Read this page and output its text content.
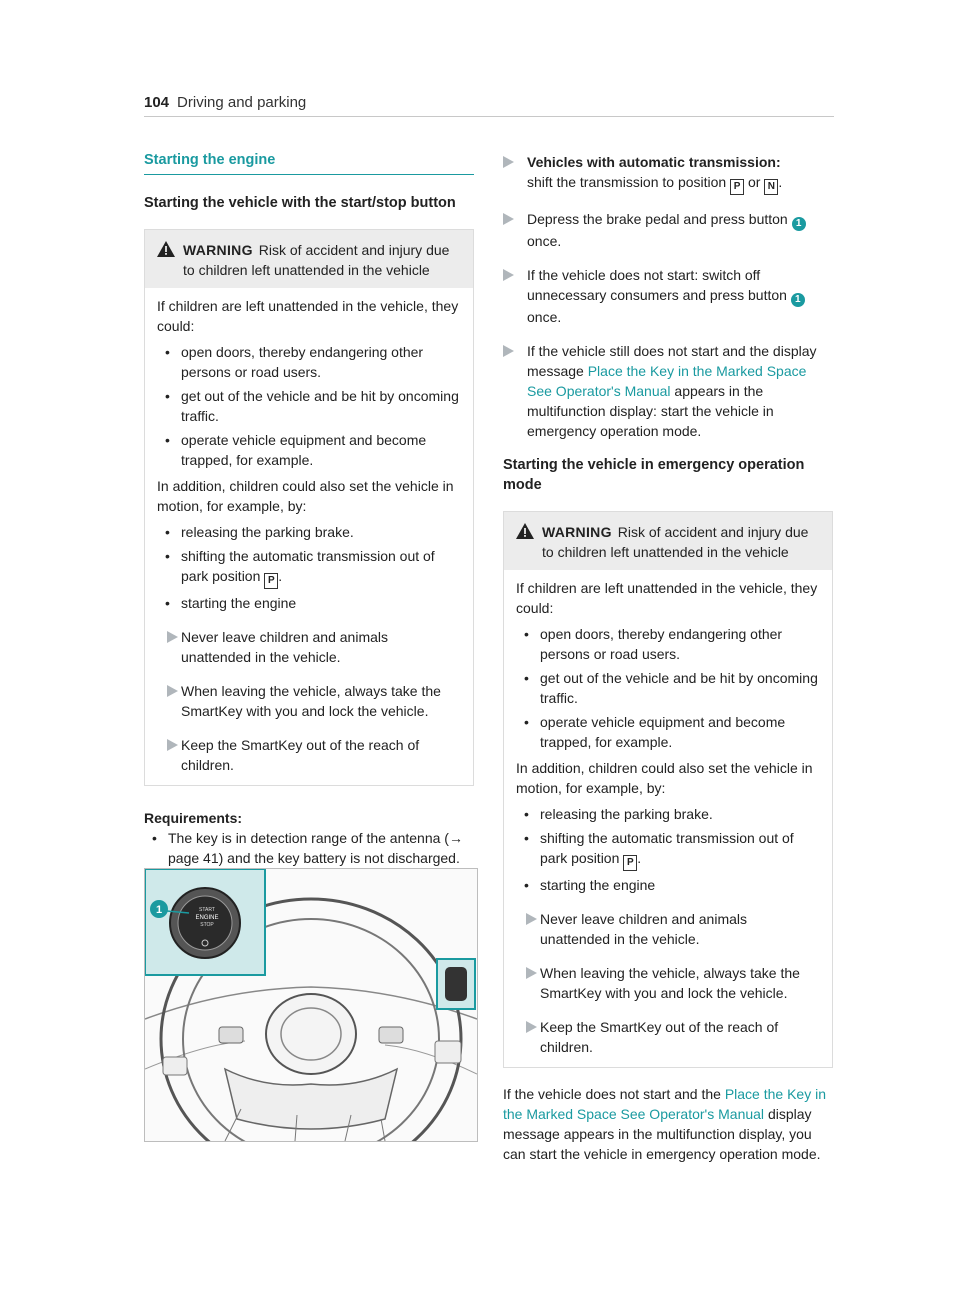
104 Driving and parking
Starting the engine
Starting the vehicle with the start/stop button
WARNING Risk of accident and injury due to children left unattended in the vehicle

If children are left unattended in the vehicle, they could:

• open doors, thereby endangering other persons or road users.
• get out of the vehicle and be hit by oncoming traffic.
• operate vehicle equipment and become trapped, for example.

In addition, children could also set the vehicle in motion, for example, by:

• releasing the parking brake.
• shifting the automatic transmission out of park position P .
• starting the engine
Never leave children and animals unattended in the vehicle.
When leaving the vehicle, always take the SmartKey with you and lock the vehicle.
Keep the SmartKey out of the reach of children.
Requirements:
• The key is in detection range of the antenna (→ page 41) and the key battery is not discharged.
START
ENGINE
STOP
1
Vehicles with automatic transmission:
shift the transmission to position P or N .
Depress the brake pedal and press button 1
once.
If the vehicle does not start: switch off unnecessary consumers and press button 1 once.
If the vehicle still does not start and the display message Place the Key in the Marked Space See Operator's Manual appears in the multifunction display: start the vehicle in emergency operation mode.
Starting the vehicle in emergency operation mode
WARNING Risk of accident and injury due to children left unattended in the vehicle

If children are left unattended in the vehicle, they could:

• open doors, thereby endangering other persons or road users.
• get out of the vehicle and be hit by oncoming traffic.
• operate vehicle equipment and become trapped, for example.

In addition, children could also set the vehicle in motion, for example, by:

• releasing the parking brake.
• shifting the automatic transmission out of park position P .
• starting the engine
Never leave children and animals unattended in the vehicle.
When leaving the vehicle, always take the SmartKey with you and lock the vehicle.
Keep the SmartKey out of the reach of children.
If the vehicle does not start and the Place the Key in the Marked Space See Operator's Manual display message appears in the multifunction display, you can start the vehicle in emergency operation mode.
